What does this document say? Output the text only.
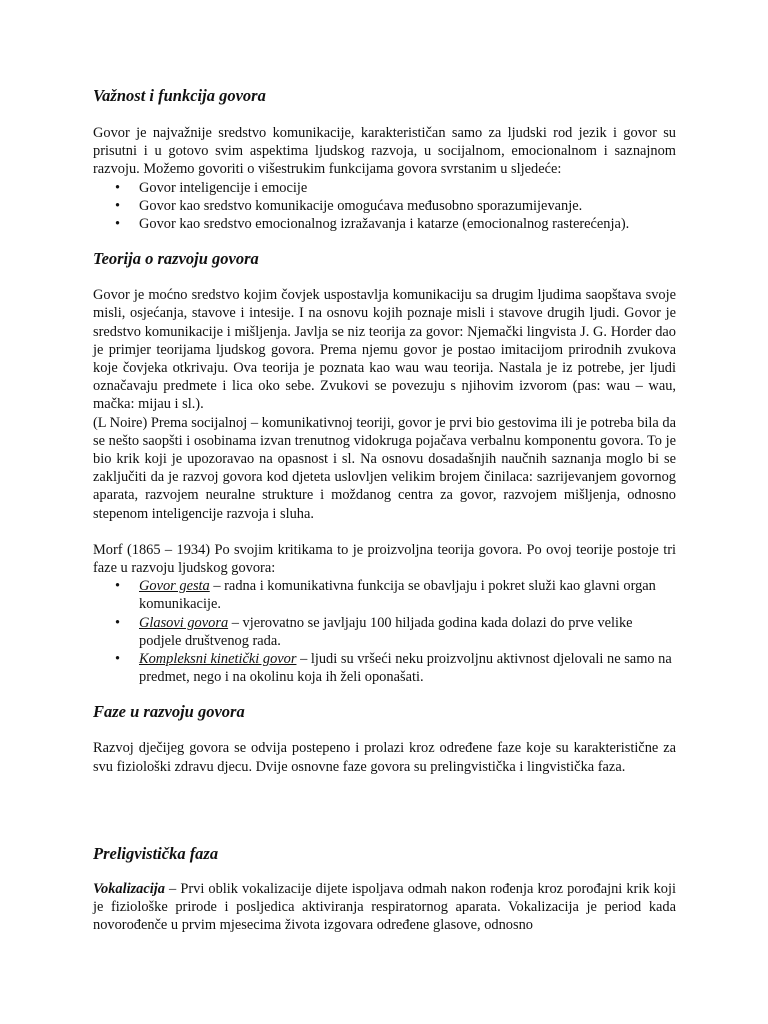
Važnost i funkcija govora

Govor je najvažnije sredstvo komunikacije, karakterističan samo za ljudski rod jezik i govor su prisutni i u gotovo svim aspektima ljudskog razvoja, u socijalnom, emocionalnom i saznajnom razvoju. Možemo govoriti o višestrukim funkcijama govora svrstanim u sljedeće:

• Govor inteligencije i emocije
• Govor kao sredstvo komunikacije omogućava međusobno sporazumijevanje.
• Govor kao sredstvo emocionalnog izražavanja i katarze (emocionalnog rasterećenja).
Teorija o razvoju govora

Govor je moćno sredstvo kojim čovjek uspostavlja komunikaciju sa drugim ljudima saopštava svoje misli, osjećanja, stavove i intesije. I na osnovu kojih poznaje misli i stavove drugih ljudi. Govor je sredstvo komunikacije i mišljenja. Javlja se niz teorija za govor: Njemački lingvista J. G. Horder dao je primjer teorijama ljudskog govora. Prema njemu govor je postao imitacijom prirodnih zvukova koje čovjeka otkrivaju. Ova teorija je poznata kao wau wau teorija. Nastala je iz potrebe, jer ljudi označavaju predmete i lica oko sebe. Zvukovi se povezuju s njihovim izvorom (pas: wau – wau, mačka: mijau i sl.).

(L Noire) Prema socijalnoj – komunikativnoj teoriji, govor je prvi bio gestovima ili je potreba bila da se nešto saopšti i osobinama izvan trenutnog vidokruga pojačava verbalnu komponentu govora. To je bio krik koji je upozoravao na opasnost i sl. Na osnovu dosadašnjih naučnih saznanja moglo bi se zaključiti da je razvoj govora kod djeteta uslovljen velikim brojem činilaca: sazrijevanjem govornog aparata, razvojem neuralne strukture i moždanog centra za govor, razvojem mišljenja, odnosno stepenom inteligencije razvoja i sluha.

Morf (1865 – 1934) Po svojim kritikama to je proizvoljna teorija govora. Po ovoj teorije postoje tri faze u razvoju ljudskog govora:

• Govor gesta – radna i komunikativna funkcija se obavljaju i pokret služi kao glavni organ komunikacije.
• Glasovi govora – vjerovatno se javljaju 100 hiljada godina kada dolazi do prve velike podjele društvenog rada.
• Kompleksni kinetički govor – ljudi su vršeći neku proizvoljnu aktivnost djelovali ne samo na predmet, nego i na okolinu koja ih želi oponašati.
Faze u razvoju govora

Razvoj dječijeg govora se odvija postepeno i prolazi kroz određene faze koje su karakteristične za svu fiziološki zdravu djecu. Dvije osnovne faze govora su prelingvistička i lingvistička faza.

Preligvistička faza

Vokalizacija – Prvi oblik vokalizacije dijete ispoljava odmah nakon rođenja kroz porođajni krik koji je fiziološke prirode i posljedica aktiviranja respiratornog aparata. Vokalizacija je period kada novorođenče u prvim mjesecima života izgovara određene glasove, odnosno
